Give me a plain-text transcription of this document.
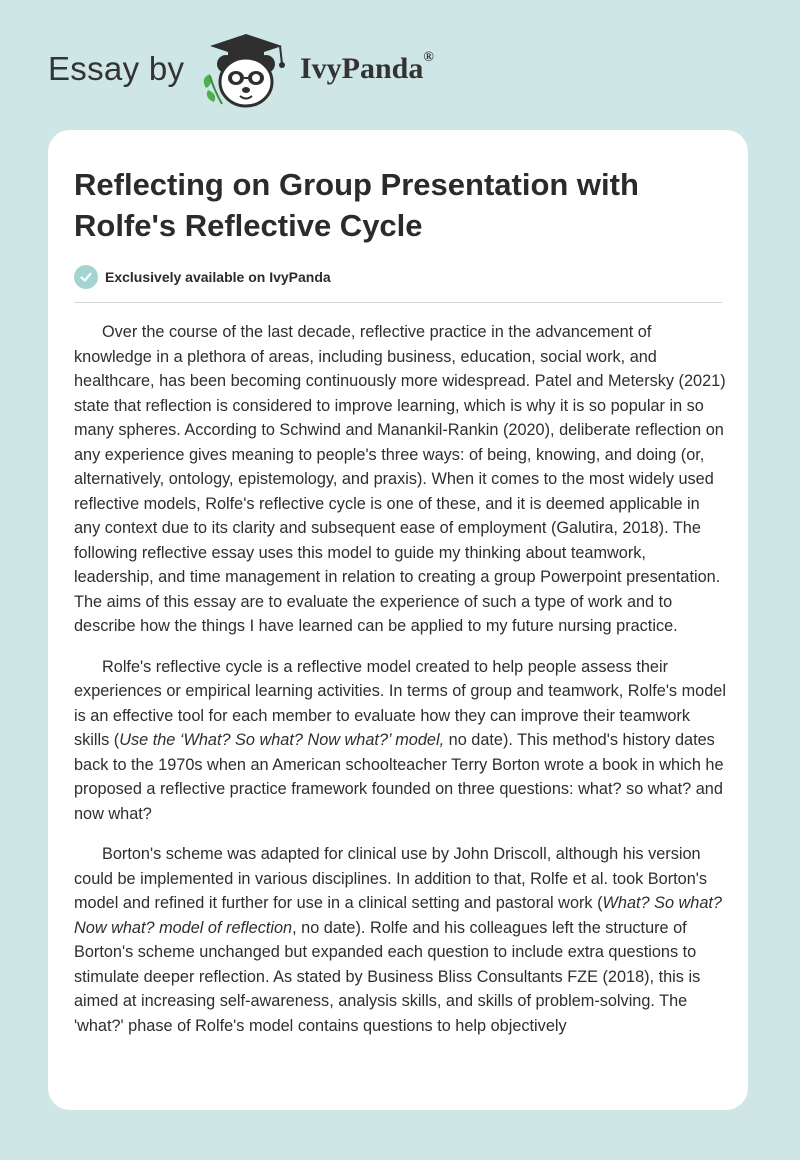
Essay by	IvyPanda®
Reflecting on Group Presentation with Rolfe's Reflective Cycle
Exclusively available on IvyPanda

Over the course of the last decade, reflective practice in the advancement of knowledge in a plethora of areas, including business, education, social work, and healthcare, has been becoming continuously more widespread. Patel and Metersky (2021) state that reflection is considered to improve learning, which is why it is so popular in so many spheres. According to Schwind and Manankil-Rankin (2020), deliberate reflection on any experience gives meaning to people's three ways: of being, knowing, and doing (or, alternatively, ontology, epistemology, and praxis). When it comes to the most widely used reflective models, Rolfe's reflective cycle is one of these, and it is deemed applicable in any context due to its clarity and subsequent ease of employment (Galutira, 2018). The following reflective essay uses this model to guide my thinking about teamwork, leadership, and time management in relation to creating a group Powerpoint presentation. The aims of this essay are to evaluate the experience of such a type of work and to describe how the things I have learned can be applied to my future nursing practice.

Rolfe's reflective cycle is a reflective model created to help people assess their experiences or empirical learning activities. In terms of group and teamwork, Rolfe's model is an effective tool for each member to evaluate how they can improve their teamwork skills (Use the ‘What? So what? Now what?’ model, no date). This method's history dates back to the 1970s when an American schoolteacher Terry Borton wrote a book in which he proposed a reflective practice framework founded on three questions: what? so what? and now what?

Borton's scheme was adapted for clinical use by John Driscoll, although his version could be implemented in various disciplines. In addition to that, Rolfe et al. took Borton's model and refined it further for use in a clinical setting and pastoral work (What? So what? Now what? model of reflection, no date). Rolfe and his colleagues left the structure of Borton's scheme unchanged but expanded each question to include extra questions to stimulate deeper reflection. As stated by Business Bliss Consultants FZE (2018), this is aimed at increasing self-awareness, analysis skills, and skills of problem-solving. The 'what?' phase of Rolfe's model contains questions to help objectively
